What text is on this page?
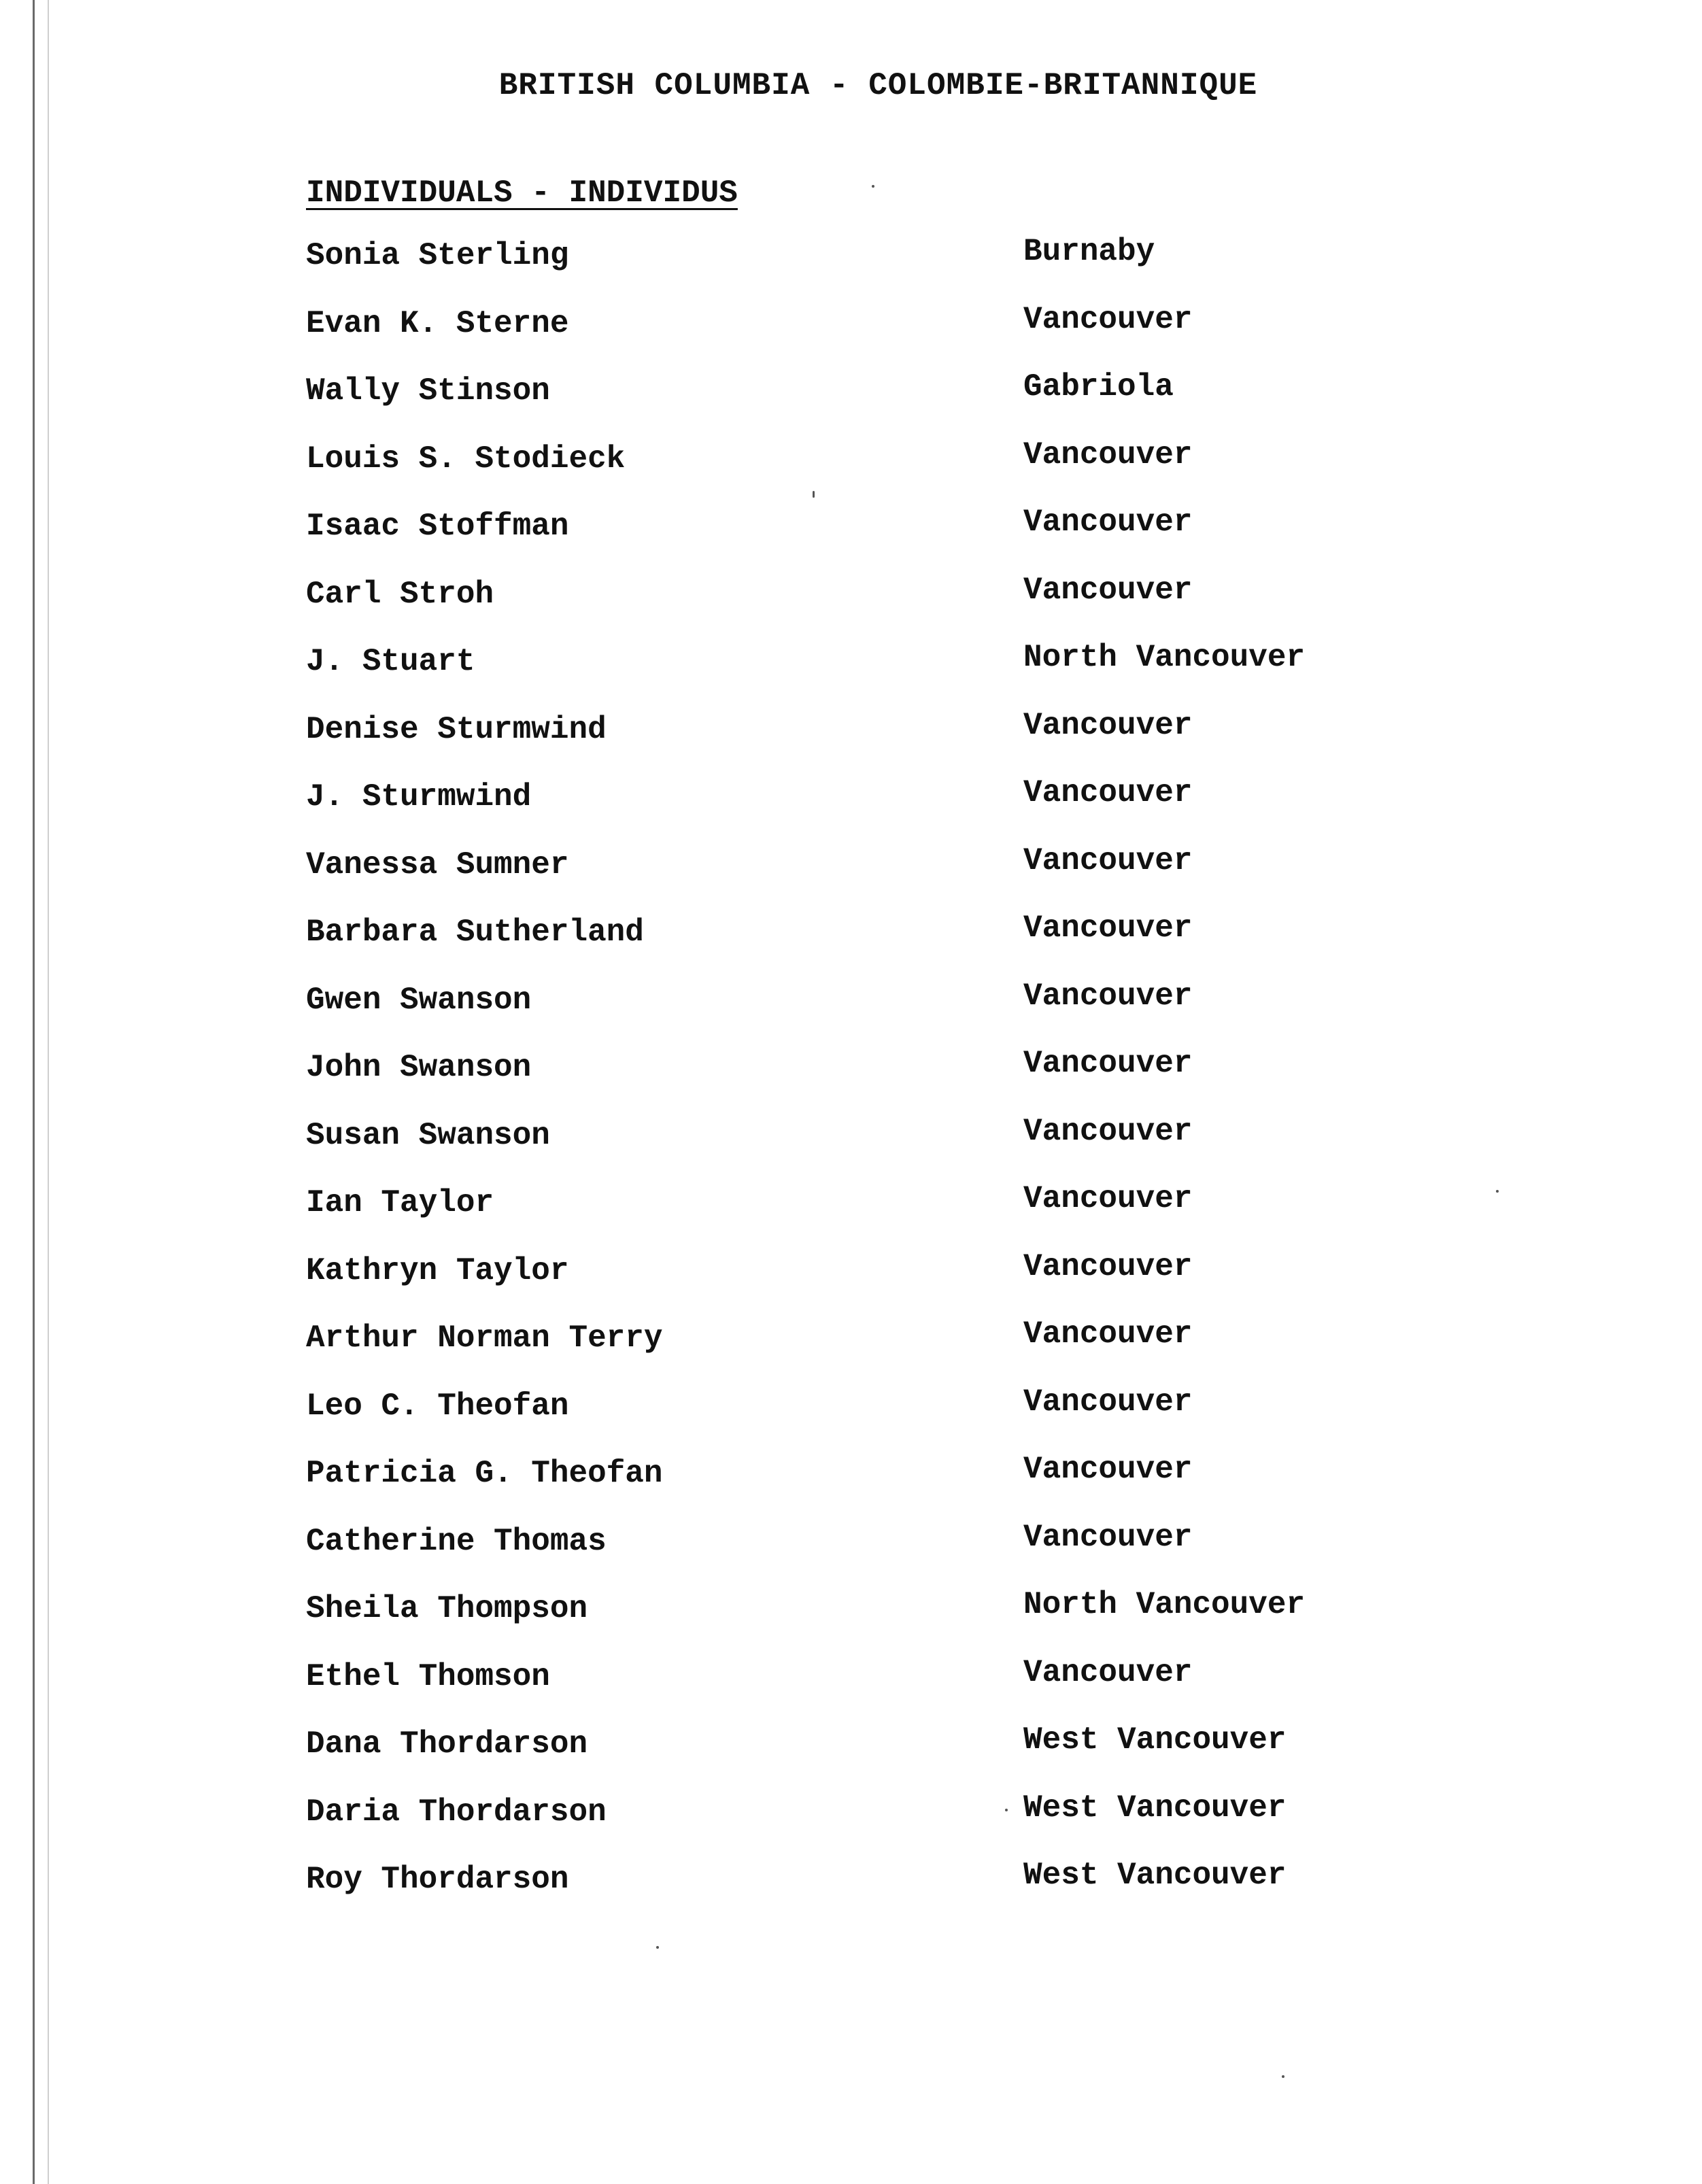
BRITISH COLUMBIA - COLOMBIE-BRITANNIQUE
INDIVIDUALS - INDIVIDUS
Sonia Sterling	Burnaby
Evan K. Sterne	Vancouver
Wally Stinson	Gabriola
Louis S. Stodieck	Vancouver
Isaac Stoffman	Vancouver
Carl Stroh	Vancouver
J. Stuart	North Vancouver
Denise Sturmwind	Vancouver
J. Sturmwind	Vancouver
Vanessa Sumner	Vancouver
Barbara Sutherland	Vancouver
Gwen Swanson	Vancouver
John Swanson	Vancouver
Susan Swanson	Vancouver
Ian Taylor	Vancouver
Kathryn Taylor	Vancouver
Arthur Norman Terry	Vancouver
Leo C. Theofan	Vancouver
Patricia G. Theofan	Vancouver
Catherine Thomas	Vancouver
Sheila Thompson	North Vancouver
Ethel Thomson	Vancouver
Dana Thordarson	West Vancouver
Daria Thordarson	West Vancouver
Roy Thordarson	West Vancouver
